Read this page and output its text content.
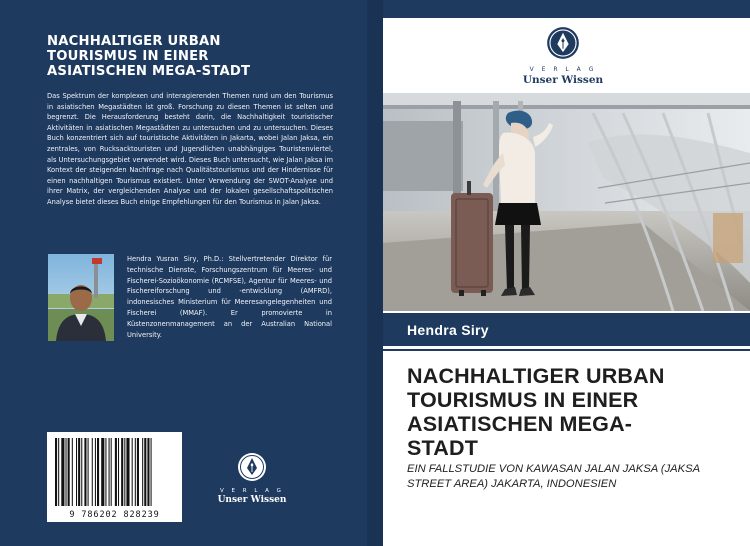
NACHHALTIGER URBAN
TOURISMUS IN EINER
ASIATISCHEN MEGA-STADT
Das Spektrum der komplexen und interagierenden Themen rund um den Tourismus in asiatischen Megastädten ist groß. Forschung zu diesen Themen ist selten und begrenzt. Die Herausforderung besteht darin, die Nachhaltigkeit touristischer Aktivitäten in asiatischen Megastädten zu untersuchen und zu untersuchen. Dieses Buch konzentriert sich auf touristische Aktivitäten in Jakarta, wobei Jalan Jaksa, ein zentrales, von Rucksacktouristen und Jugendlichen unabhängiges Touristenviertel, als Untersuchungsgebiet verwendet wird. Dieses Buch untersucht, wie Jalan Jaksa im Kontext der steigenden Nachfrage nach Qualitätstourismus und der Hindernisse für einen nachhaltigen Tourismus existiert. Unter Verwendung der SWOT-Analyse und ihrer Matrix, der vergleichenden Analyse und der lokalen gesellschaftspolitischen Analyse bietet dieses Buch einige Empfehlungen für den Tourismus in Jalan Jaksa.
Hendra Yusran Siry, Ph.D.: Stellvertretender Direktor für technische Dienste, Forschungszentrum für Meeres- und Fischerei-Sozioökonomie (RCMFSE), Agentur für Meeres- und Fischereiforschung und -entwicklung (AMFRD), indonesisches Ministerium für Meeresangelegenheiten und Fischerei (MMAF). Er promovierte in Küstenzonenmanagement an der Australian National University.
9 786202 828239
V E R L A G
Unser Wissen
V E R L A G
Unser Wissen
Hendra Siry
NACHHALTIGER URBAN
TOURISMUS IN EINER
ASIATISCHEN MEGA-
STADT
EIN FALLSTUDIE VON KAWASAN JALAN JAKSA (JAKSA STREET AREA) JAKARTA, INDONESIEN
